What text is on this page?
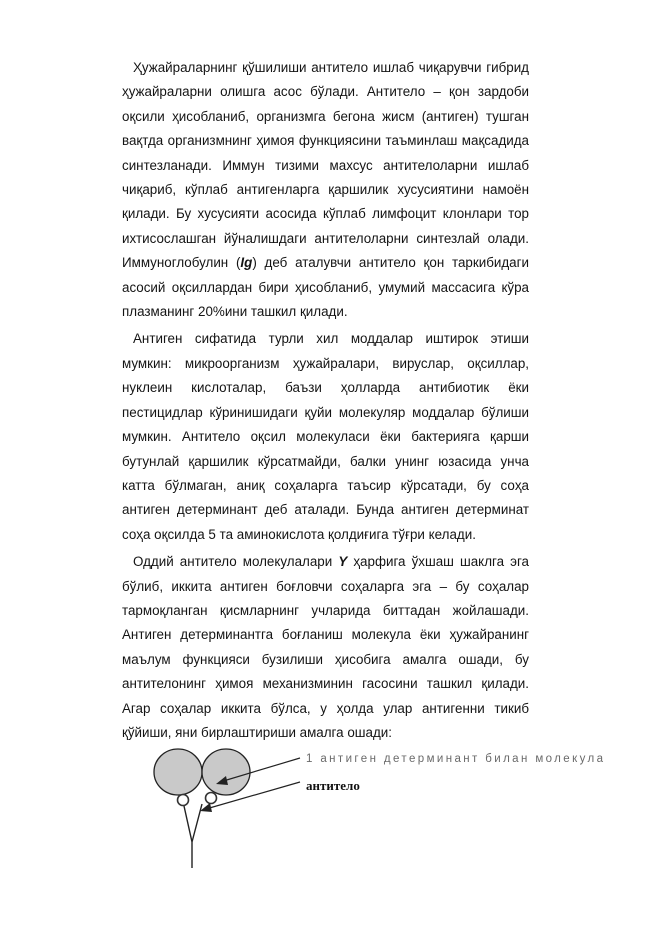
Ҳужайраларнинг қўшилиши антитело ишлаб чиқарувчи гибрид ҳужайраларни олишга асос бўлади. Антитело – қон зардоби оқсили ҳисобланиб, организмга бегона жисм (антиген) тушган вақтда организмнинг ҳимоя функциясини таъминлаш мақсадида синтезланади. Иммун тизими махсус антителоларни ишлаб чиқариб, кўплаб антигенларга қаршилик хусусиятини намоён қилади. Бу хусусияти асосида кўплаб лимфоцит клонлари тор ихтисослашган йўналишдаги антителоларни синтезлай олади. Иммуноглобулин (Ig) деб аталувчи антитело қон таркибидаги асосий оқсиллардан бири ҳисобланиб, умумий массасига кўра плазманинг 20%ини ташкил қилади.

Антиген сифатида турли хил моддалар иштирок этиши мумкин: микроорганизм ҳужайралари, вируслар, оқсиллар, нуклеин кислоталар, баъзи ҳолларда антибиотик ёки пестицидлар кўринишидаги қуйи молекуляр моддалар бўлиши мумкин. Антитело оқсил молекуласи ёки бактерияга қарши бутунлай қаршилик кўрсатмайди, балки унинг юзасида унча катта бўлмаган, аниқ соҳаларга таъсир кўрсатади, бу соҳа антиген детерминант деб аталади. Бунда антиген детерминат соҳа оқсилда 5 та аминокислота қолдиғига тўғри келади.

Оддий антитело молекулалари Y ҳарфига ўхшаш шаклга эга бўлиб, иккита антиген боғловчи соҳаларга эга – бу соҳалар тармоқланган қисмларнинг учларида биттадан жойлашади. Антиген детерминантга боғланиш молекула ёки ҳужайранинг маълум функцияси бузилиши ҳисобига амалга ошади, бу антителонинг ҳимоя механизминин гасосини ташкил қилади. Агар соҳалар иккита бўлса, у ҳолда улар антигенни тикиб қўйиши, яни бирлаштириши амалга ошади:

1 антиген детерминант билан молекула
антитело
